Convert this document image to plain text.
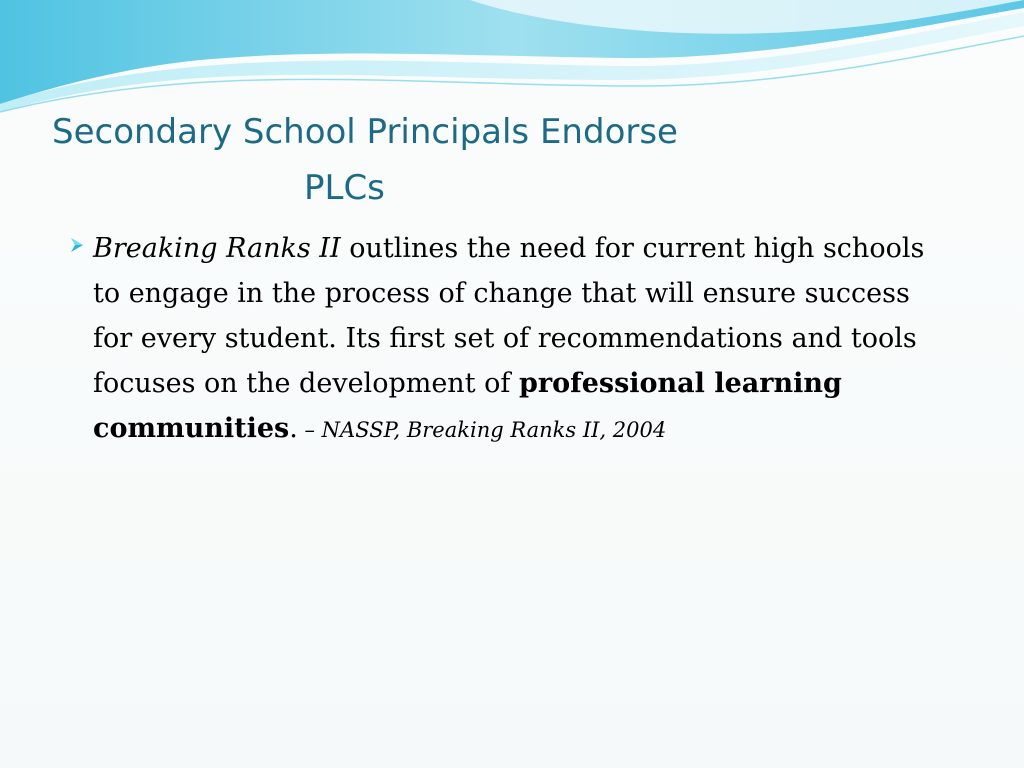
Secondary School Principals Endorse
PLCs
Breaking Ranks II outlines the need for current high schools to engage in the process of change that will ensure success for every student. Its first set of recommendations and tools focuses on the development of professional learning communities. – NASSP, Breaking Ranks II, 2004
